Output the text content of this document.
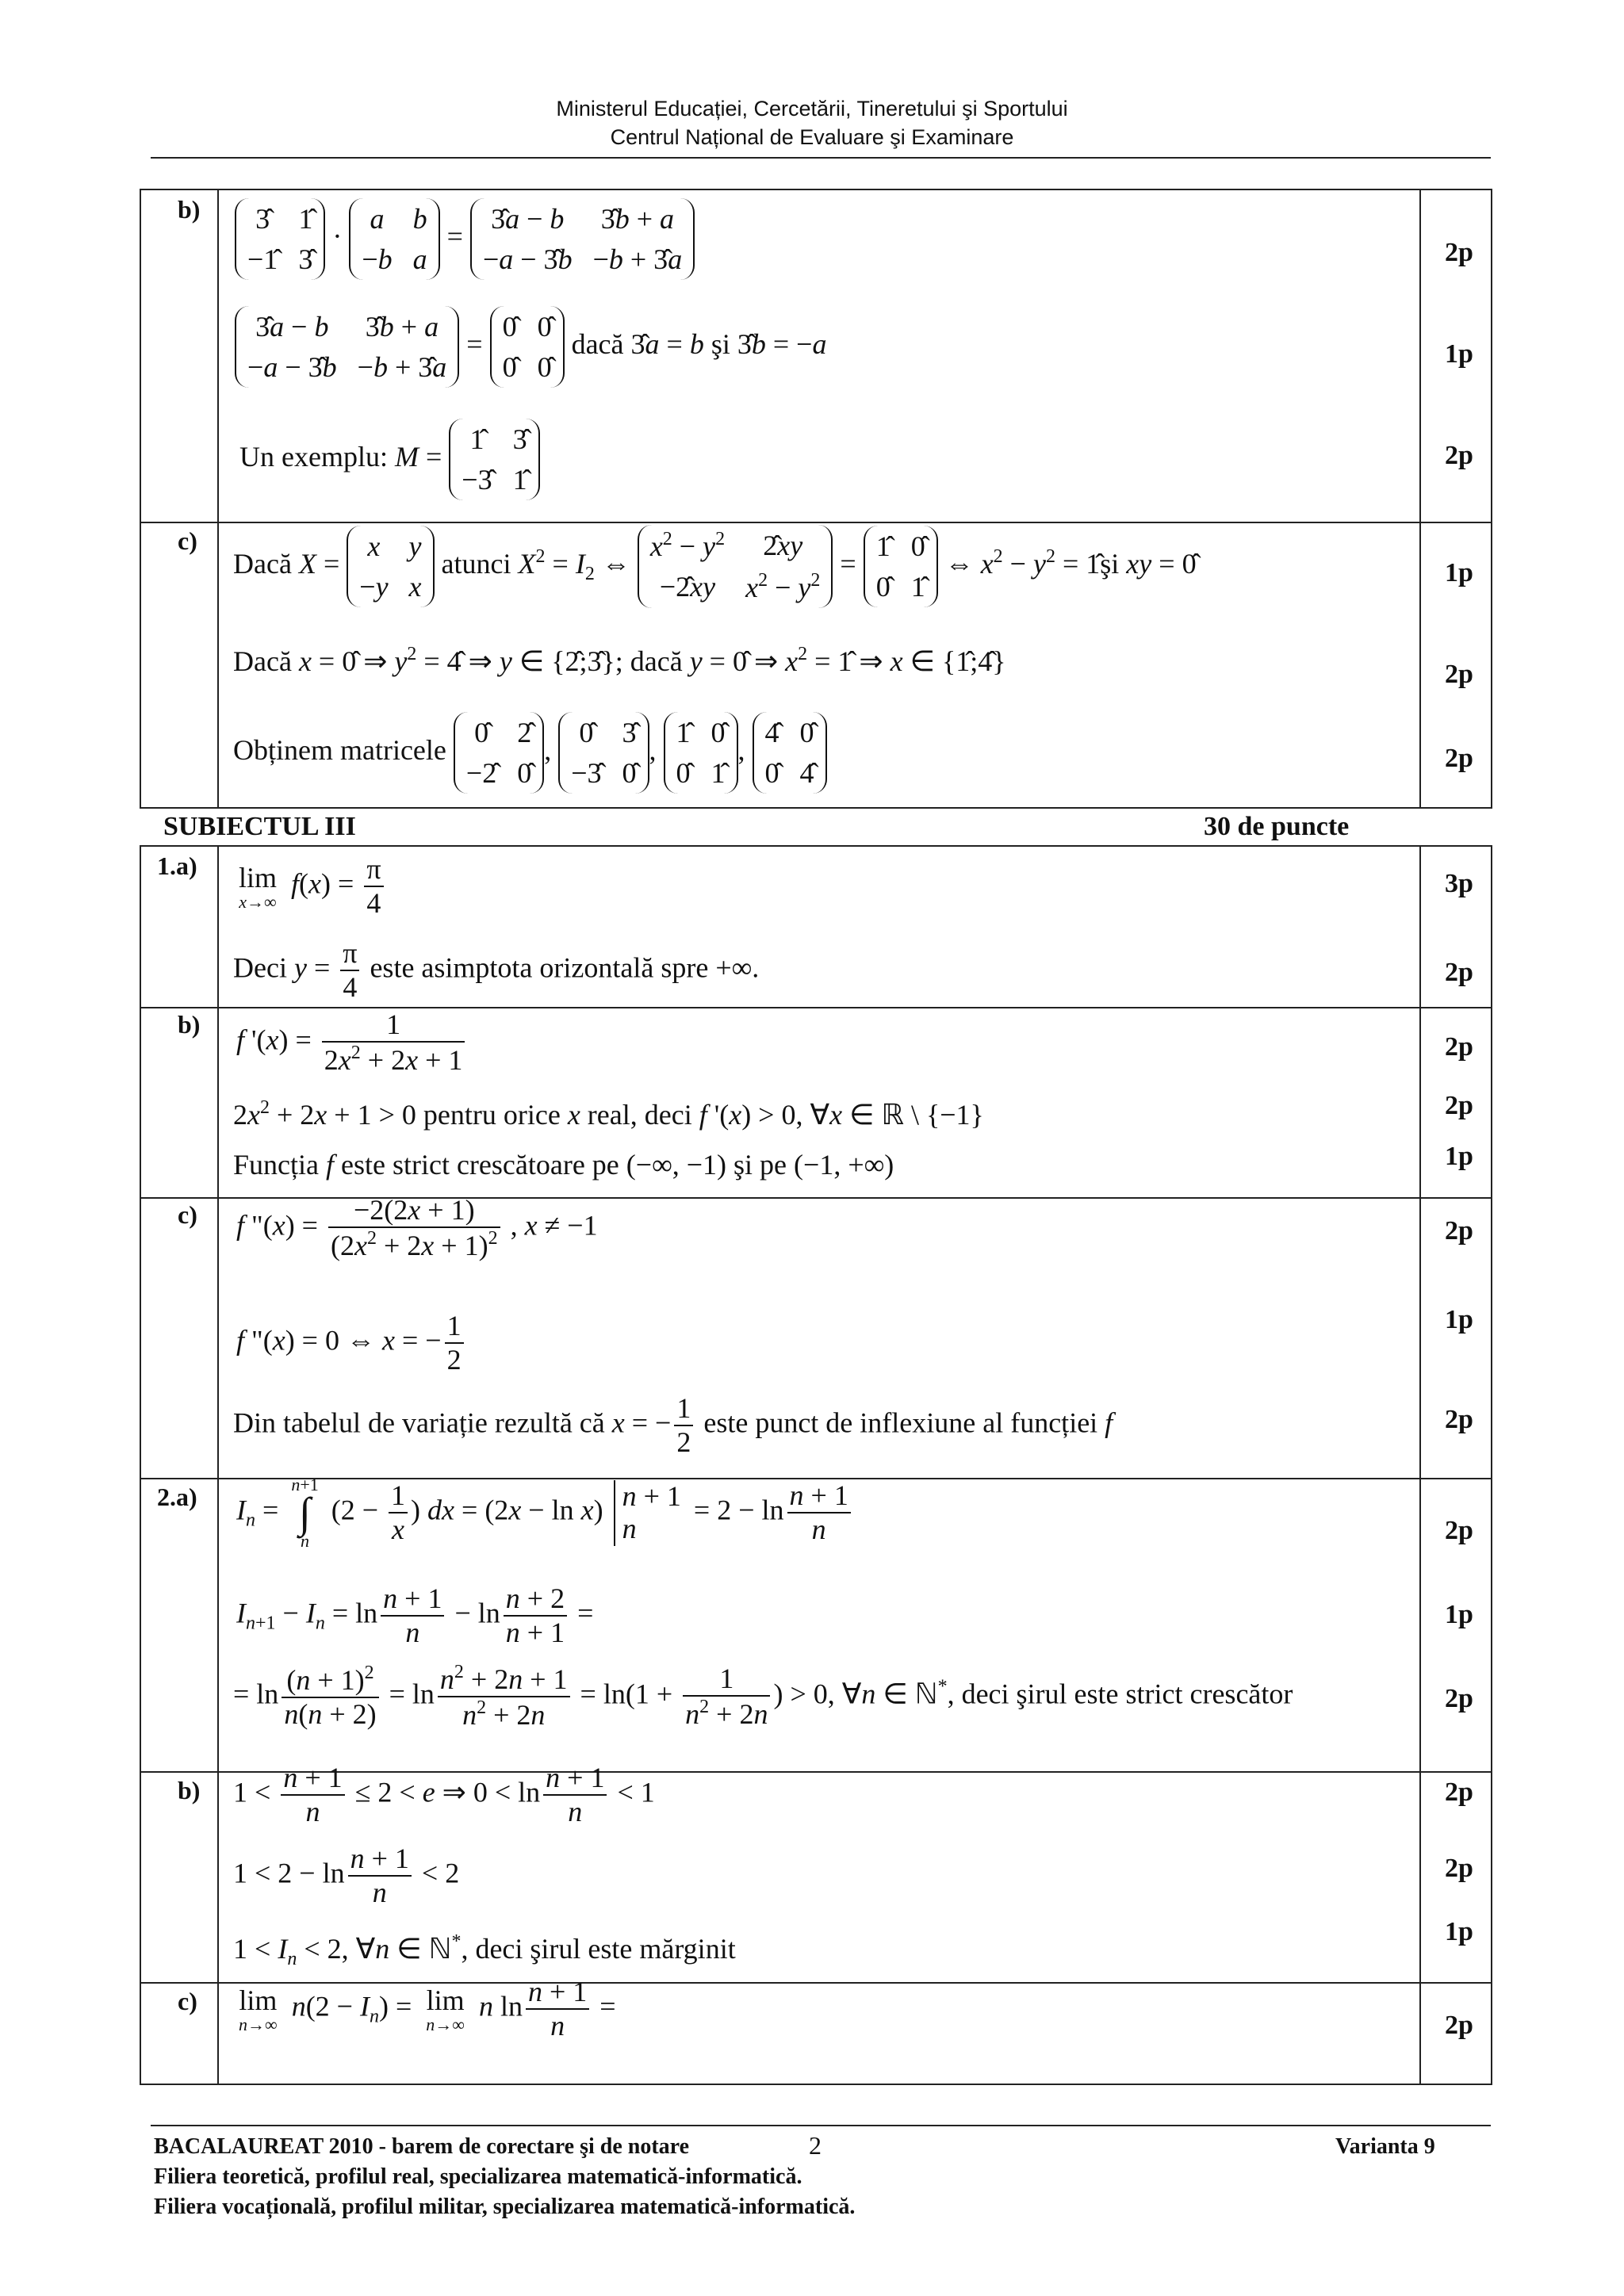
Ministerul Educației, Cercetării, Tineretului şi Sportului
Centrul Național de Evaluare şi Examinare
b) 3̂ 1̂
−1̂ 3̂
·
a b
−b a
=
3̂a − b 3̂b + a
−a − 3̂b −b + 3̂a	2p
3̂a − b 3̂b + a
−a − 3̂b −b + 3̂a
=
0̂ 0̂
0̂ 0̂
dacă 3̂a = b şi 3̂b = −a	1p
Un exemplu: M =
1̂ 3̂
−3̂ 1̂
2p
c)
Dacă X =
x y
−y x
atunci $X^2 = I_2$ ⇔
$x^2 - y^2$	2̂xy
−2̂xy	$x^2 - y^2$
=
1̂ 0̂
0̂ 1̂
⇔ $x^2 - y^2$ = 1̂şi xy = 0̂	1p
Dacă x = 0̂ ⇒ $y^2$ = 4̂ ⇒ y ∈ {2̂;3̂}; dacă y = 0̂ ⇒ $x^2$ = 1̂ ⇒ x ∈ {1̂;4̂}	2p
Obținem matricele
0̂ 2̂
−2̂ 0̂
,
0̂ 3̂
−3̂ 0̂
,
1̂ 0̂
0̂ 1̂
,
4̂ 0̂
0̂ 4̂	2p
SUBIECTUL III	30 de puncte
1.a) lim
x→∞
$f(x) = \frac{\pi}{4}$	3p
Deci $y = \frac{\pi}{4}$ este asimptota orizontală spre +∞.	2p
b) f '$(x) = \frac{1}{2x^2 + 2x + 1}$	2p
$2x^2 + 2x + 1 > 0$ pentru orice x real, deci f '(x) > 0, ∀x ∈ ℝ \ {−1}	2p
Funcția f este strict crescătoare pe (−∞, −1) şi pe (−1, +∞)	1p
c) f "$(x) = \frac{-2(2x + 1)}{(2x^2 + 2x + 1)^2}$ , x ≠ −1	2p
f "(x) = 0 ⇔ x = − $\frac{1}{2}$	1p
Din tabelul de variație rezultă că x = − $\frac{1}{2}$ este punct de inflexiune al funcției f	2p
2.a) $I_n$ =
n+1
∫
n
($2 - \frac{1}{x}$ ) dx = (2x − ln x) n + 1
n
= $2 - \ln \frac{n + 1}{n}$	2p
$I_{n+1} - I_n = \ln \frac{n + 1}{n} - \ln \frac{n + 2}{n + 1}$ =	1p
= $\ln \frac{(n + 1)^2}{n(n + 2)} = \ln \frac{n^2 + 2n + 1}{n^2 + 2n} = \ln(1 + \frac{1}{n^2 + 2n}$ ) > 0, ∀n ∈ ℕ*, deci şirul este strict crescător	2p
b) $1 < \frac{n + 1}{n} \le 2 < e$ ⇒ $0 < \ln \frac{n + 1}{n} < 1$	2p
$1 < 2 - \ln \frac{n + 1}{n} < 2$	2p
$1 < I_n < 2$, ∀n ∈ ℕ*, deci şirul este mărginit
1p
c) lim
n→∞
$n(2 - I_n) = \lim$
n→∞
n $\ln \frac{n + 1}{n}$ =
2p
BACALAUREAT 2010 - barem de corectare şi de notare	2	Varianta 9
Filiera teoretică, profilul real, specializarea matematică-informatică.
Filiera vocațională, profilul militar, specializarea matematică-informatică.
